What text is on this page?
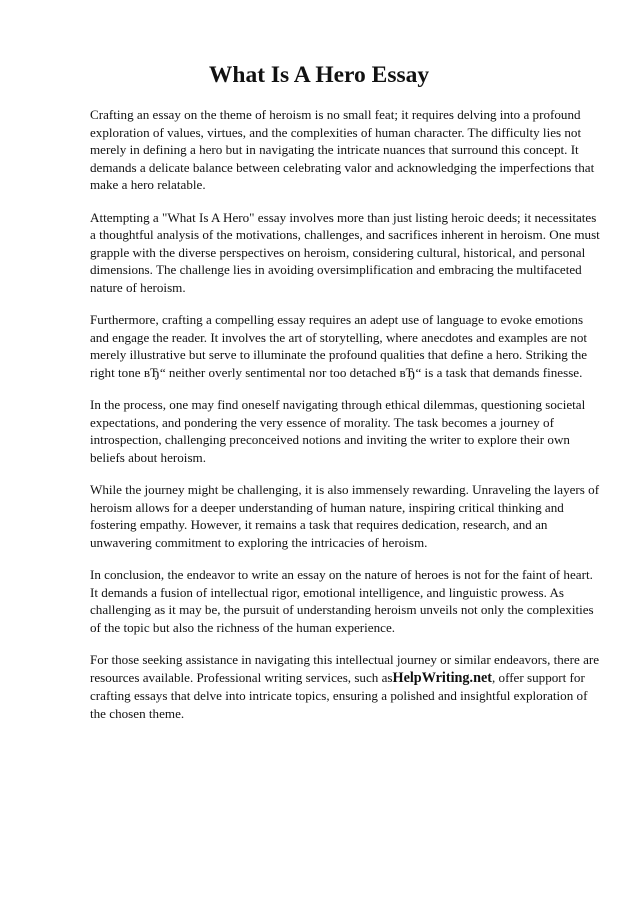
What Is A Hero Essay

Crafting an essay on the theme of heroism is no small feat; it requires delving into a profound
exploration of values, virtues, and the complexities of human character. The difficulty lies not
merely in defining a hero but in navigating the intricate nuances that surround this concept. It
demands a delicate balance between celebrating valor and acknowledging the imperfections that
make a hero relatable.

Attempting a "What Is A Hero" essay involves more than just listing heroic deeds; it necessitates
a thoughtful analysis of the motivations, challenges, and sacrifices inherent in heroism. One must
grapple with the diverse perspectives on heroism, considering cultural, historical, and personal
dimensions. The challenge lies in avoiding oversimplification and embracing the multifaceted
nature of heroism.

Furthermore, crafting a compelling essay requires an adept use of language to evoke emotions
and engage the reader. It involves the art of storytelling, where anecdotes and examples are not
merely illustrative but serve to illuminate the profound qualities that define a hero. Striking the
right tone вЂ“ neither overly sentimental nor too detached вЂ“ is a task that demands finesse.

In the process, one may find oneself navigating through ethical dilemmas, questioning societal
expectations, and pondering the very essence of morality. The task becomes a journey of
introspection, challenging preconceived notions and inviting the writer to explore their own
beliefs about heroism.

While the journey might be challenging, it is also immensely rewarding. Unraveling the layers of
heroism allows for a deeper understanding of human nature, inspiring critical thinking and
fostering empathy. However, it remains a task that requires dedication, research, and an
unwavering commitment to exploring the intricacies of heroism.

In conclusion, the endeavor to write an essay on the nature of heroes is not for the faint of heart.
It demands a fusion of intellectual rigor, emotional intelligence, and linguistic prowess. As
challenging as it may be, the pursuit of understanding heroism unveils not only the complexities
of the topic but also the richness of the human experience.

For those seeking assistance in navigating this intellectual journey or similar endeavors, there are
resources available. Professional writing services, such asHelpWriting.net, offer support for
crafting essays that delve into intricate topics, ensuring a polished and insightful exploration of
the chosen theme.
